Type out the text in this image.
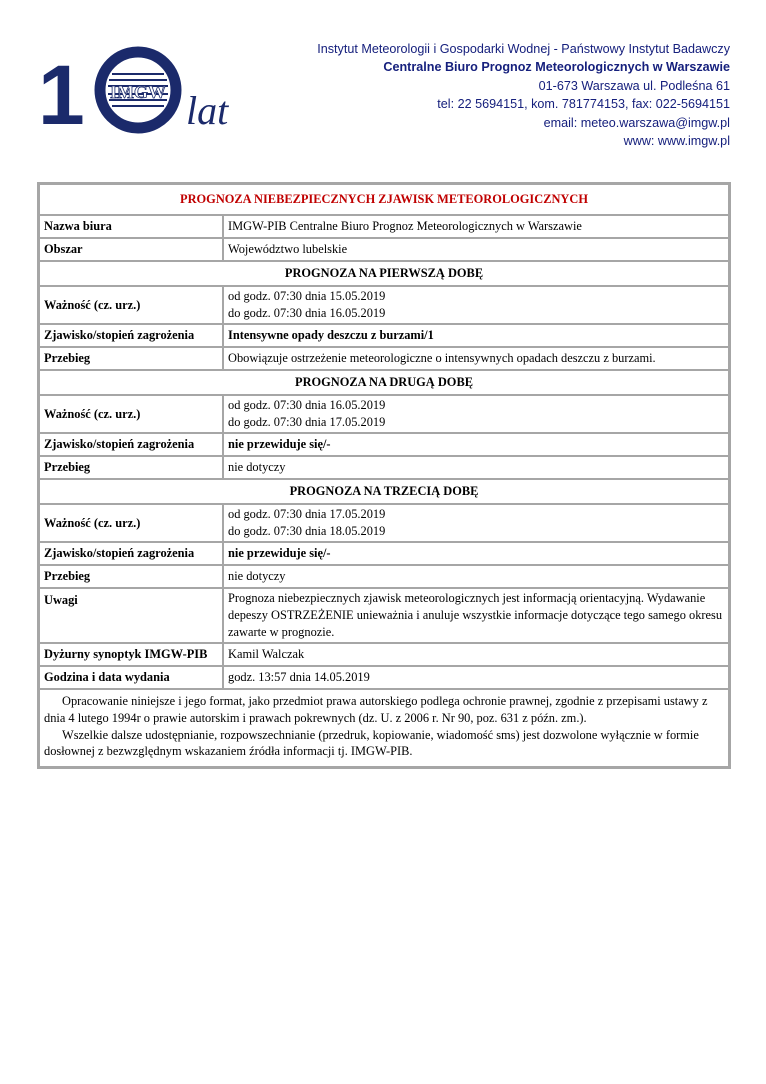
1 IMGW lat
Instytut Meteorologii i Gospodarki Wodnej - Państwowy Instytut Badawczy
Centralne Biuro Prognoz Meteorologicznych w Warszawie
01-673 Warszawa ul. Podleśna 61
tel: 22 5694151, kom. 781774153, fax: 022-5694151
email: meteo.warszawa@imgw.pl
www: www.imgw.pl
PROGNOZA NIEBEZPIECZNYCH ZJAWISK METEOROLOGICZNYCH	
Nazwa biura	IMGW-PIB Centralne Biuro Prognoz Meteorologicznych w Warszawie
Obszar	Województwo lubelskie
PROGNOZA NA PIERWSZĄ DOBĘ	
Ważność (cz. urz.)	od godz. 07:30 dnia 15.05.2019
do godz. 07:30 dnia 16.05.2019

Zjawisko/stopień zagrożenia	Intensywne opady deszczu z burzami/1
Przebieg	Obowiązuje ostrzeżenie meteorologiczne o intensywnych opadach deszczu z burzami.
PROGNOZA NA DRUGĄ DOBĘ	
Ważność (cz. urz.)	od godz. 07:30 dnia 16.05.2019
do godz. 07:30 dnia 17.05.2019

Zjawisko/stopień zagrożenia	nie przewiduje się/-
Przebieg	nie dotyczy
PROGNOZA NA TRZECIĄ DOBĘ	
Ważność (cz. urz.)	od godz. 07:30 dnia 17.05.2019
do godz. 07:30 dnia 18.05.2019

Zjawisko/stopień zagrożenia	nie przewiduje się/-
Przebieg	nie dotyczy
Uwagi	Prognoza niebezpiecznych zjawisk meteorologicznych jest informacją orientacyjną. Wydawanie depeszy OSTRZEŻENIE unieważnia i anuluje wszystkie informacje dotyczące tego samego okresu zawarte w prognozie.
Dyżurny synoptyk IMGW-PIB	Kamil Walczak
Godzina i data wydania	godz. 13:57 dnia 14.05.2019

Opracowanie niniejsze i jego format, jako przedmiot prawa autorskiego podlega ochronie prawnej, zgodnie z przepisami ustawy z dnia 4 lutego 1994r o prawie autorskim i prawach pokrewnych (dz. U. z 2006 r. Nr 90, poz. 631 z późn. zm.).

Wszelkie dalsze udostępnianie, rozpowszechnianie (przedruk, kopiowanie, wiadomość sms) jest dozwolone wyłącznie w formie dosłownej z bezwzględnym wskazaniem źródła informacji tj. IMGW-PIB.	
